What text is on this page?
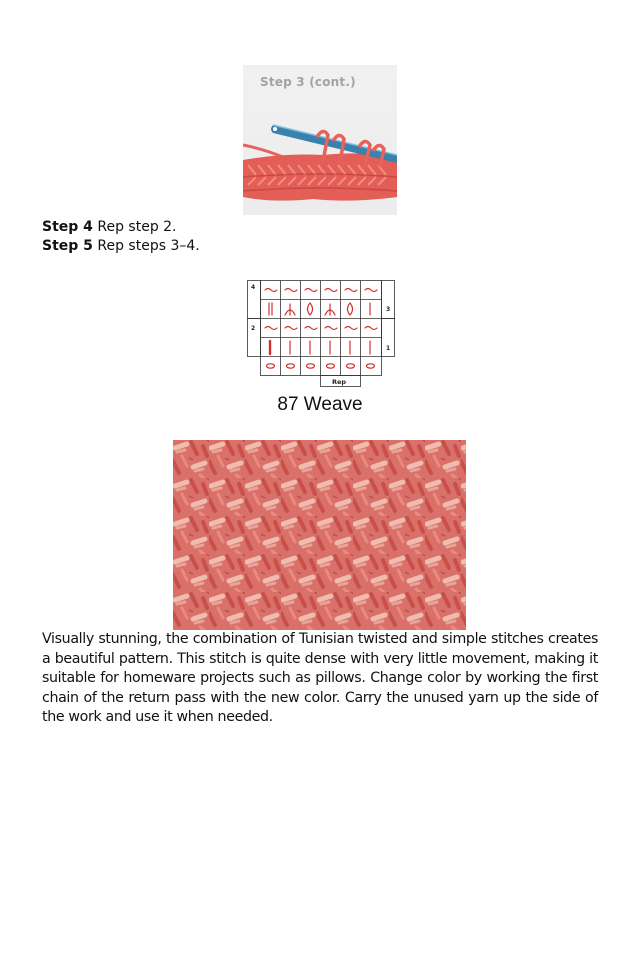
Step 3 (cont.)
Step 4 Rep step 2.
Step 5 Rep steps 3–4.
4
2
3
1
Rep
87 Weave
Visually stunning, the combination of Tunisian twisted and simple stitches creates a beautiful pattern. This stitch is quite dense with very little movement, making it suitable for homeware projects such as pillows. Change color by working the first chain of the return pass with the new color. Carry the unused yarn up the side of the work and use it when needed.
